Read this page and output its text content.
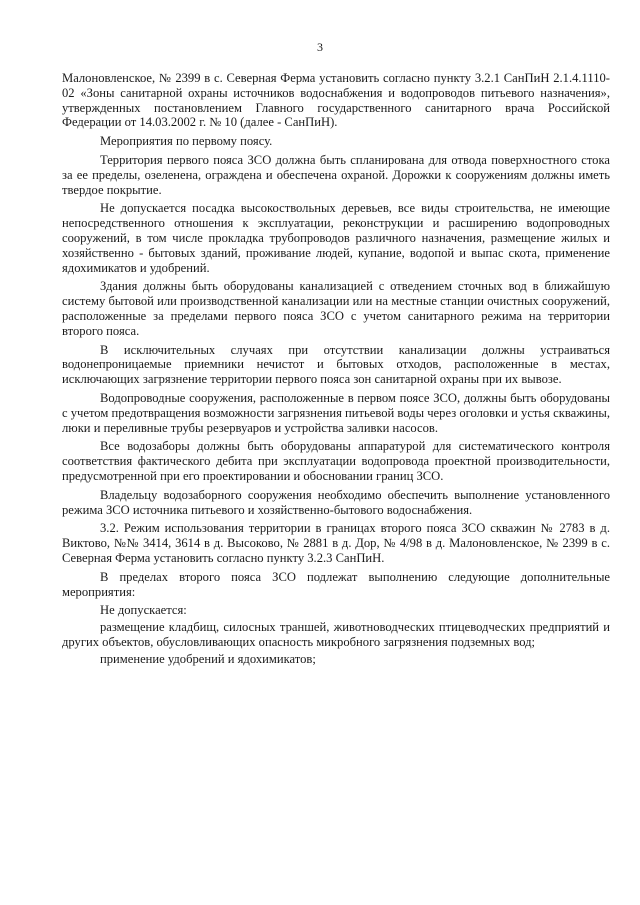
3

Малоновленское, № 2399 в с. Северная Ферма установить согласно пункту 3.2.1 СанПиН 2.1.4.1110-02 «Зоны санитарной охраны источников водоснабжения и водопроводов питьевого назначения», утвержденных постановлением Главного государственного санитарного врача Российской Федерации от 14.03.2002 г. № 10 (далее - СанПиН).

Мероприятия по первому поясу.

Территория первого пояса ЗСО должна быть спланирована для отвода поверхностного стока за ее пределы, озеленена, ограждена и обеспечена охраной. Дорожки к сооружениям должны иметь твердое покрытие.

Не допускается посадка высокоствольных деревьев, все виды строительства, не имеющие непосредственного отношения к эксплуатации, реконструкции и расширению водопроводных сооружений, в том числе прокладка трубопроводов различного назначения, размещение жилых и хозяйственно - бытовых зданий, проживание людей, купание, водопой и выпас скота, применение ядохимикатов и удобрений.

Здания должны быть оборудованы канализацией с отведением сточных вод в ближайшую систему бытовой или производственной канализации или на местные станции очистных сооружений, расположенные за пределами первого пояса ЗСО с учетом санитарного режима на территории второго пояса.

В исключительных случаях при отсутствии канализации должны устраиваться водонепроницаемые приемники нечистот и бытовых отходов, расположенные в местах, исключающих загрязнение территории первого пояса зон санитарной охраны при их вывозе.

Водопроводные сооружения, расположенные в первом поясе ЗСО, должны быть оборудованы с учетом предотвращения возможности загрязнения питьевой воды через оголовки и устья скважины, люки и переливные трубы резервуаров и устройства заливки насосов.

Все водозаборы должны быть оборудованы аппаратурой для систематического контроля соответствия фактического дебита при эксплуатации водопровода проектной производительности, предусмотренной при его проектировании и обосновании границ ЗСО.

Владельцу водозаборного сооружения необходимо обеспечить выполнение установленного режима ЗСО источника питьевого и хозяйственно-бытового водоснабжения.

3.2. Режим использования территории в границах второго пояса ЗСО скважин № 2783 в д. Виктово, №№ 3414, 3614 в д. Высоково, № 2881 в д. Дор, № 4/98 в д. Малоновленское, № 2399 в с. Северная Ферма установить согласно пункту 3.2.3 СанПиН.

В пределах второго пояса ЗСО подлежат выполнению следующие дополнительные мероприятия:

Не допускается:

размещение кладбищ, силосных траншей, животноводческих птицеводческих предприятий и других объектов, обусловливающих опасность микробного загрязнения подземных вод;

применение удобрений и ядохимикатов;
